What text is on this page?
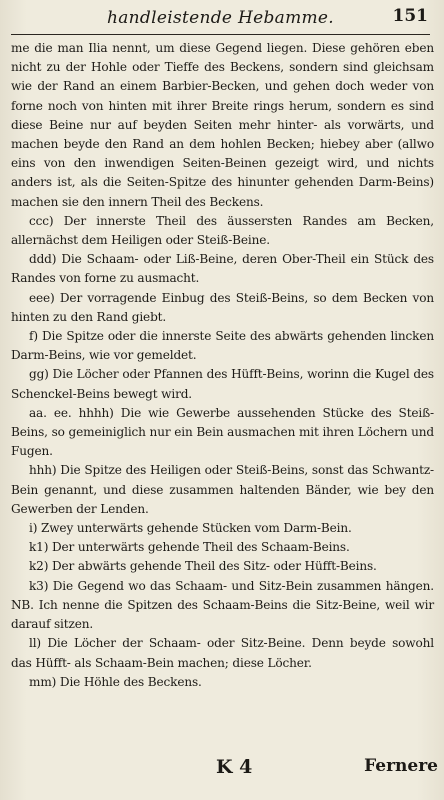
handleistende Hebamme.	151

me die man Ilia nennt, um diese Gegend liegen. Diese gehören eben nicht zu der Hohle oder Tieffe des Beckens, sondern sind gleichsam wie der Rand an einem Barbier-Becken, und gehen doch weder von forne noch von hinten mit ihrer Breite rings herum, sondern es sind diese Beine nur auf beyden Seiten mehr hinter- als vorwärts, und machen beyde den Rand an dem hohlen Becken; hiebey aber (allwo eins von den inwendigen Seiten-Beinen gezeigt wird, und nichts anders ist, als die Seiten-Spitze des hinunter gehenden Darm-Beins) machen sie den innern Theil des Beckens.

ccc) Der innerste Theil des äussersten Randes am Becken, allernächst dem Heiligen oder Steiß-Beine.

ddd) Die Schaam- oder Liß-Beine, deren Ober-Theil ein Stück des Randes von forne zu ausmacht.

eee) Der vorragende Einbug des Steiß-Beins, so dem Becken von hinten zu den Rand giebt.

f) Die Spitze oder die innerste Seite des abwärts gehenden lincken Darm-Beins, wie vor gemeldet.

gg) Die Löcher oder Pfannen des Hüfft-Beins, worinn die Kugel des Schenckel-Beins bewegt wird.

aa. ee. hhhh) Die wie Gewerbe aussehenden Stücke des Steiß-Beins, so gemeiniglich nur ein Bein ausmachen mit ihren Löchern und Fugen.

hhh) Die Spitze des Heiligen oder Steiß-Beins, sonst das Schwantz-Bein genannt, und diese zusammen haltenden Bänder, wie bey den Gewerben der Lenden.

i) Zwey unterwärts gehende Stücken vom Darm-Bein.

k1) Der unterwärts gehende Theil des Schaam-Beins.

k2) Der abwärts gehende Theil des Sitz- oder Hüfft-Beins.

k3) Die Gegend wo das Schaam- und Sitz-Bein zusammen hängen. NB. Ich nenne die Spitzen des Schaam-Beins die Sitz-Beine, weil wir darauf sitzen.

ll) Die Löcher der Schaam- oder Sitz-Beine. Denn beyde sowohl das Hüfft- als Schaam-Bein machen; diese Löcher.

mm) Die Höhle des Beckens.

K 4	Fernere
